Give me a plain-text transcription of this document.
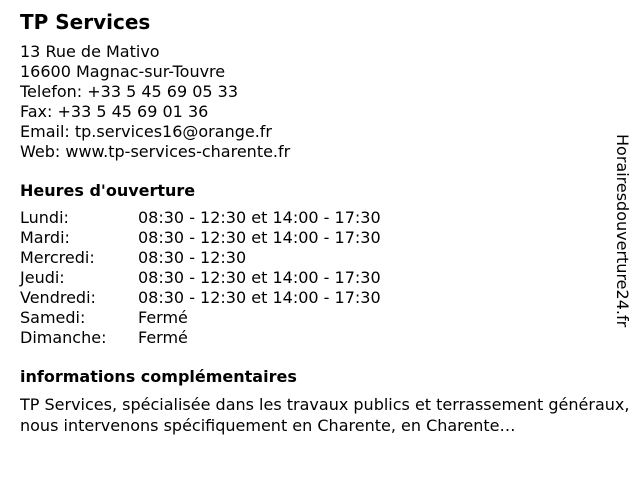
TP Services
13 Rue de Mativo
16600 Magnac-sur-Touvre
Telefon: +33 5 45 69 05 33
Fax: +33 5 45 69 01 36
Email: tp.services16@orange.fr
Web: www.tp-services-charente.fr
Heures d'ouverture
Lundi:	08:30 - 12:30 et 14:00 - 17:30
Mardi:	08:30 - 12:30 et 14:00 - 17:30
Mercredi:	08:30 - 12:30
Jeudi:	08:30 - 12:30 et 14:00 - 17:30
Vendredi:	08:30 - 12:30 et 14:00 - 17:30
Samedi:	Fermé
Dimanche:	Fermé
informations complémentaires

TP Services, spécialisée dans les travaux publics et terrassement généraux, nous intervenons spécifiquement en Charente, en Charente…

Horairesdouverture24.fr
